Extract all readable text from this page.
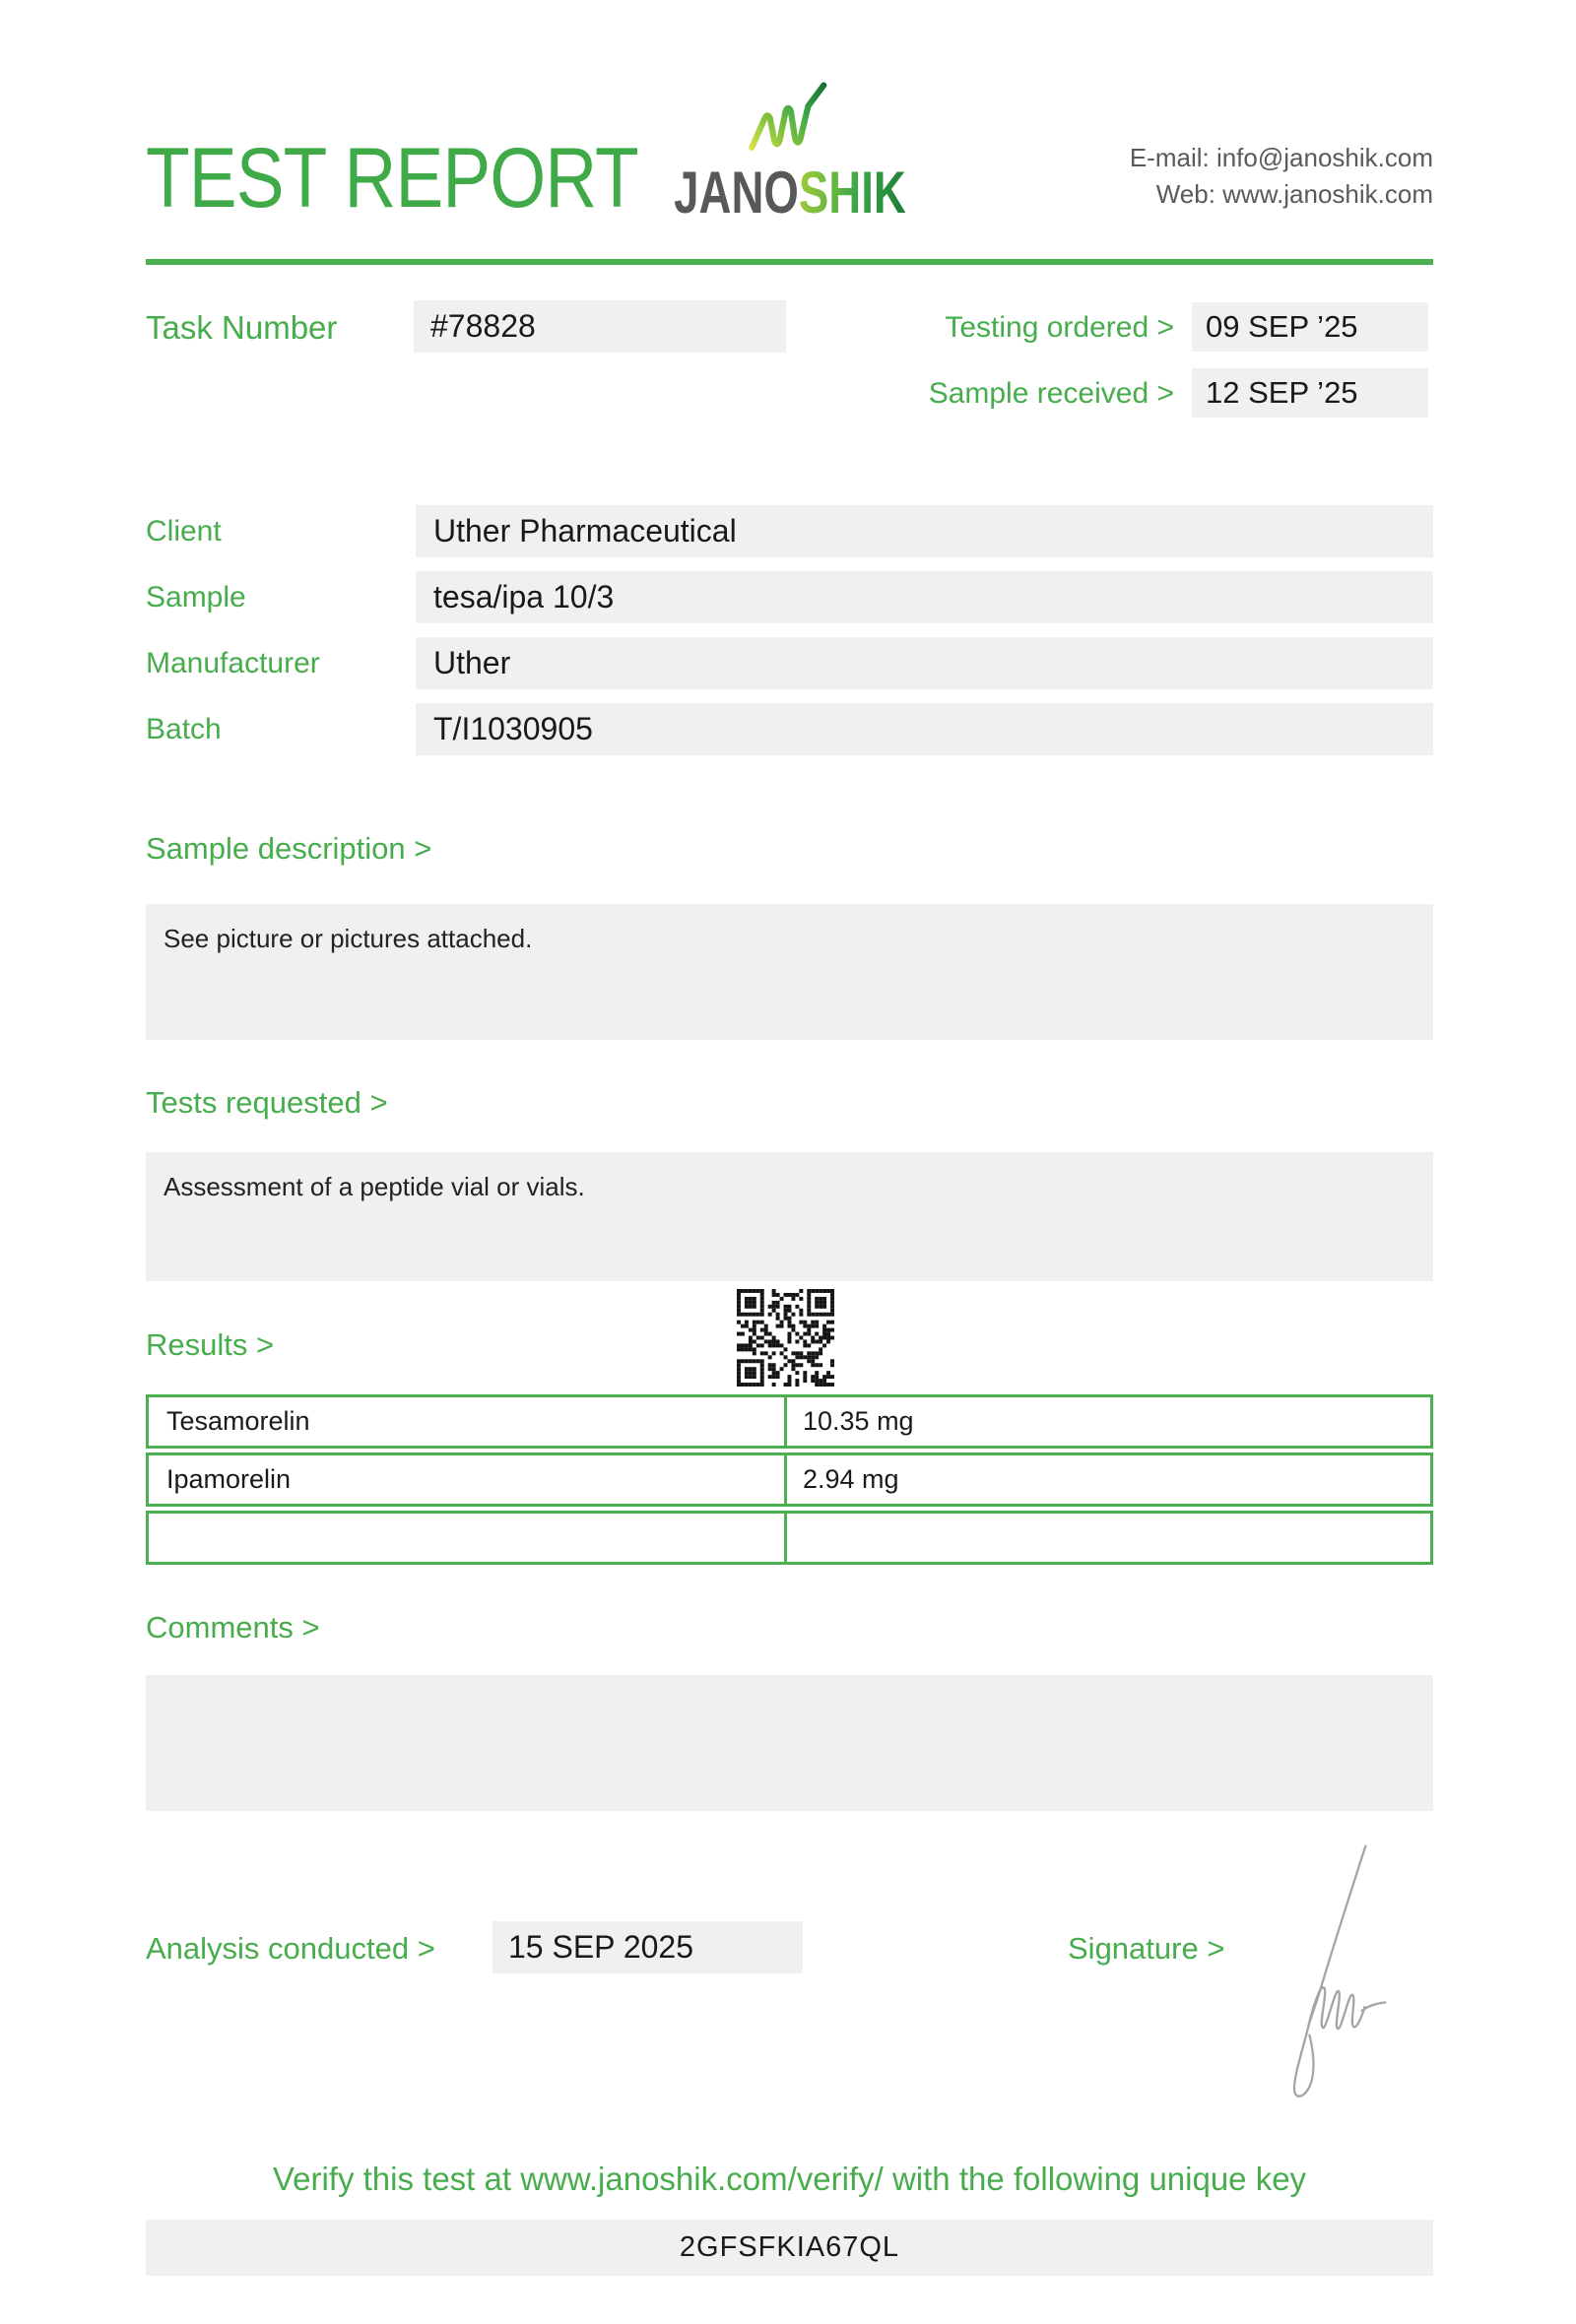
TEST REPORT JANOSHIK
E-mail: info@janoshik.com
Web: www.janoshik.com
Task Number	#78828	Testing ordered >	09 SEP ’25
Sample received >	12 SEP ’25
Client	Uther Pharmaceutical
Sample	tesa/ipa 10/3
Manufacturer	Uther
Batch	T/I1030905
Sample description >
See picture or pictures attached.
Tests requested >
Assessment of a peptide vial or vials.
Results >
Tesamorelin	10.35 mg
Ipamorelin	2.94 mg
Comments >
Analysis conducted >	15 SEP 2025	Signature >
Verify this test at www.janoshik.com/verify/ with the following unique key
2GFSFKIA67QL
